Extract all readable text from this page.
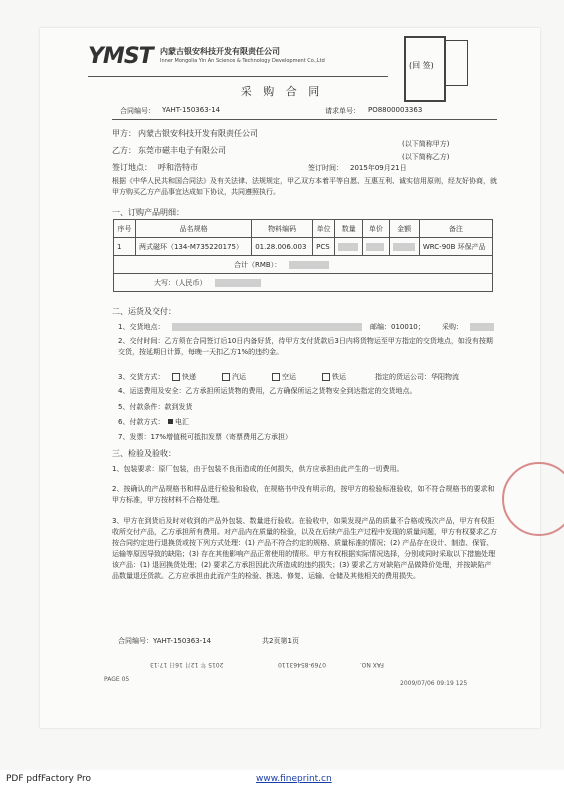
YMST 内蒙古银安科技开发有限责任公司
Inner Mongolia Yin An Science & Technology Development Co.,Ltd	(回 签)
采 购 合 同
合同编号： YAHT-150363-14	请求单号： PO8800003363
甲方： 内蒙古银安科技开发有限责任公司
(以下简称甲方)
乙方： 东莞市磁丰电子有限公司
(以下简称乙方)
签订地点： 呼和浩特市	签订时间： 2015年09月21日
根据《中华人民共和国合同法》及有关法律、法规规定，甲乙双方本着平等自愿、互惠互利、诚实信用原则，经友好协商，就甲方购买乙方产品事宜达成如下协议，共同遵照执行。
一、订购产品明细：
序号	品名规格	物料编码	单位	数量	单价	金额	备注
1	两式磁环（134-M735220175）	01.28.006.003	PCS				WRC-90B 环保产品
合计（RMB）：							
大写：（人民币）							
二、运货及交付：
1、交货地点：	邮编：010010； 采购：
2、交付时间：乙方须在合同签订后10日内备好货，待甲方支付货款后3日内将货物运至甲方指定的交货地点，如没有按期交货，按延期日计算，每晚一天扣乙方1%的违约金。
3、交货方式：	快递	汽运	空运	铁运	指定的货运公司：华阳物流
4、运送费用及安全：乙方承担所运货物的费用，乙方确保所运之货物安全到达指定的交货地点。
5、付款条件：款到发货
6、付款方式：	电汇
7、发票：17%增值税可抵扣发票（寄票费用乙方承担）
三、检验及验收：
1、包装要求：原厂包装，由于包装不良而造成的任何损失，供方应承担由此产生的一切费用。
2、按确认的产品规格书和样品进行检验和验收，在规格书中没有明示的，按甲方的检验标准验收，如不符合规格书的要求和甲方标准，甲方按材料不合格处理。
3、甲方在到货后及时对收到的产品外包装、数量进行验收。在验收中，如果发现产品的质量不合格或残次产品，甲方有权拒收所交付产品，乙方承担所有费用。对产品内在质量的检验，以及在后续产品生产过程中发现的质量问题，甲方有权要求乙方按合同约定进行退换货或按下列方式处理：(1) 产品不符合约定的规格、质量标准的情况；(2) 产品存在设计、制造、保管、运输等原因导致的缺陷；(3) 存在其他影响产品正常使用的情形。甲方有权根据实际情况选择，分别或同时采取以下措施处理该产品：(1) 退回换货处理；(2) 要求乙方承担因此次所造成的违约损失；(3) 要求乙方对缺陷产品做降价处理，并按缺陷产品数量退还货款。乙方应承担由此而产生的检验、拣选、修复、运输、仓储及其他相关的费用损失。
合同编号：YAHT-150363-14	共2页第1页
PAGE 05
2015 年 12月 16日 17:13	0769-85463110	FAX NO.
2009/07/06 09:19 125
PDF pdfFactory Pro	www.fineprint.cn
